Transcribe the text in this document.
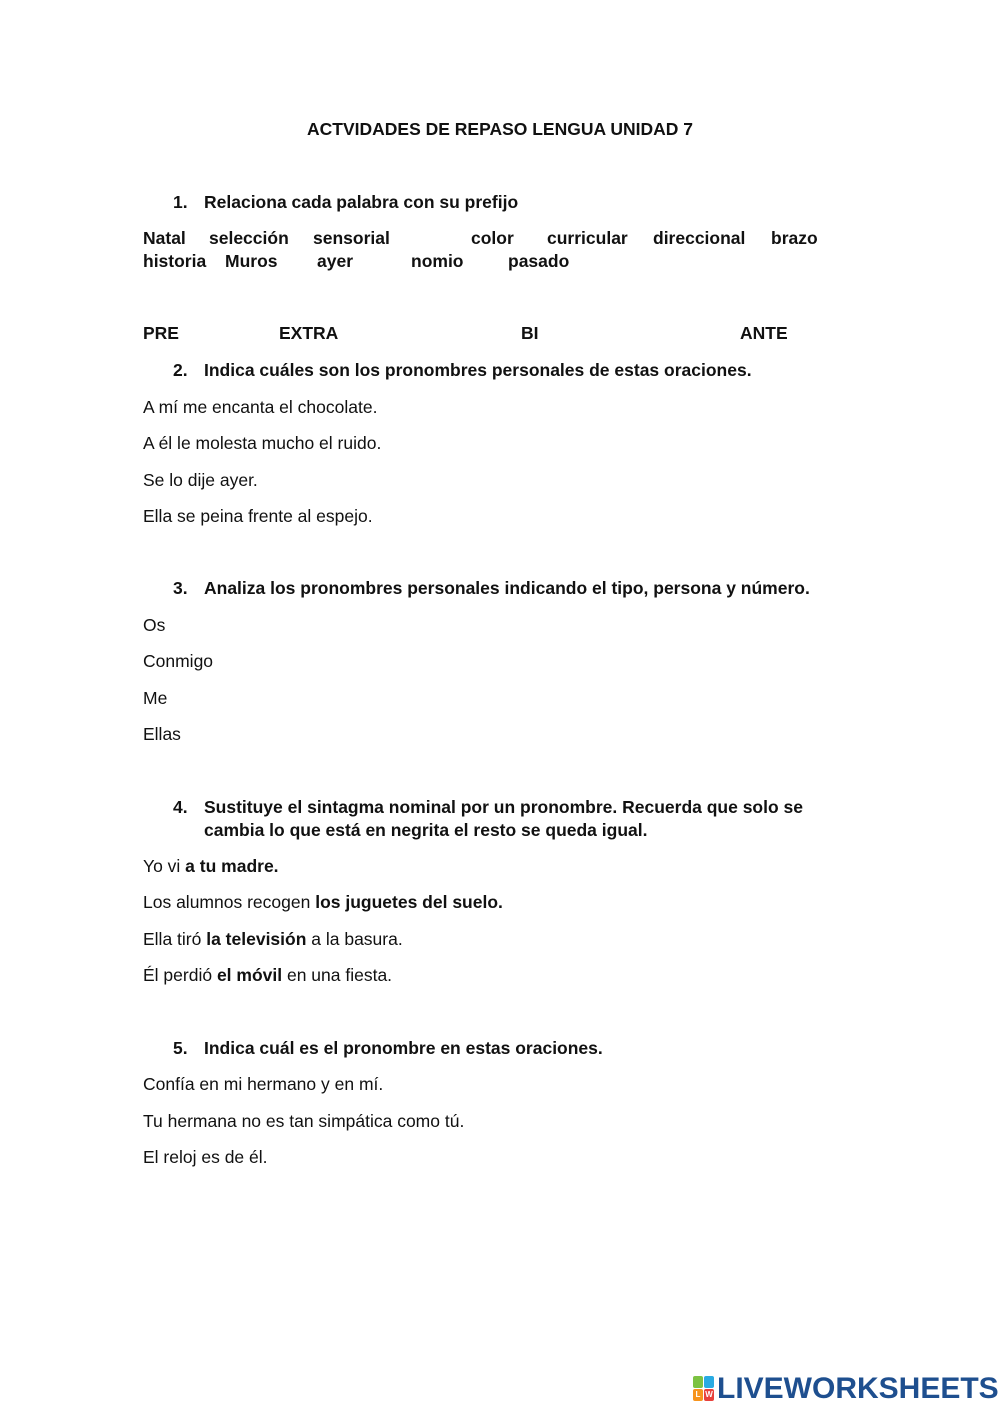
ACTVIDADES DE REPASO LENGUA UNIDAD 7
1. Relaciona cada palabra con su prefijo
Natal selección sensorial	color curricular direccional brazo
historia Muros ayer	nomio	pasado
PRE	EXTRA	BI	ANTE
2. Indica cuáles son los pronombres personales de estas oraciones.
A mí me encanta el chocolate.
A él le molesta mucho el ruido.
Se lo dije ayer.
Ella se peina frente al espejo.
3. Analiza los pronombres personales indicando el tipo, persona y número.
Os
Conmigo
Me
Ellas
4. Sustituye el sintagma nominal por un pronombre. Recuerda que solo se
cambia lo que está en negrita el resto se queda igual.
Yo vi a tu madre.
Los alumnos recogen los juguetes del suelo.
Ella tiró la televisión a la basura.
Él perdió el móvil en una fiesta.
5. Indica cuál es el pronombre en estas oraciones.
Confía en mi hermano y en mí.
Tu hermana no es tan simpática como tú.
El reloj es de él.
L W LIVEWORKSHEETS
